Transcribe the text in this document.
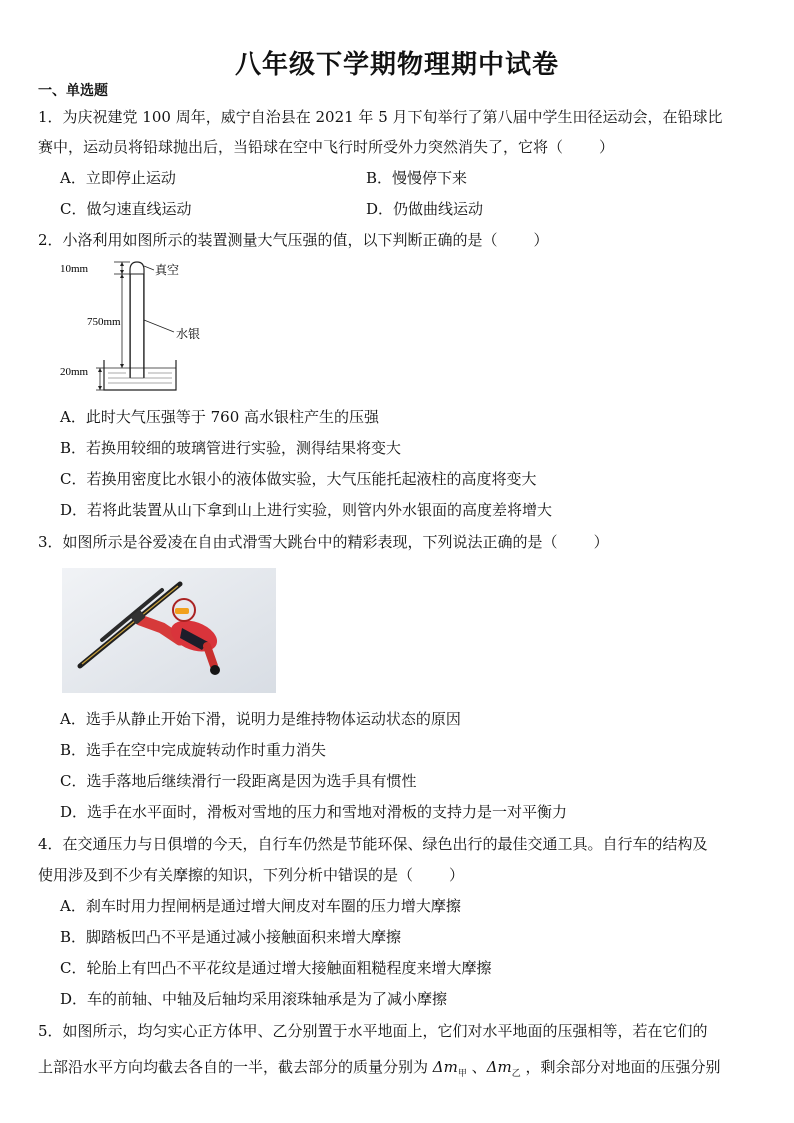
八年级下学期物理期中试卷
一、单选题
1．为庆祝建党 100 周年，威宁自治县在 2021 年 5 月下旬举行了第八届中学生田径运动会，在铅球比
赛中，运动员将铅球抛出后，当铅球在空中飞行时所受外力突然消失了，它将（ ）
A．立即停止运动	B．慢慢停下来
C．做匀速直线运动	D．仍做曲线运动
2．小洛利用如图所示的装置测量大气压强的值，以下判断正确的是（ ）
10mm	真空
750mm
水银
20mm
A．此时大气压强等于 760 高水银柱产生的压强
B．若换用较细的玻璃管进行实验，测得结果将变大
C．若换用密度比水银小的液体做实验，大气压能托起液柱的高度将变大
D．若将此装置从山下拿到山上进行实验，则管内外水银面的高度差将增大
3．如图所示是谷爱凌在自由式滑雪大跳台中的精彩表现，下列说法正确的是（ ）
A．选手从静止开始下滑，说明力是维持物体运动状态的原因
B．选手在空中完成旋转动作时重力消失
C．选手落地后继续滑行一段距离是因为选手具有惯性
D．选手在水平面时，滑板对雪地的压力和雪地对滑板的支持力是一对平衡力
4．在交通压力与日俱增的今天，自行车仍然是节能环保、绿色出行的最佳交通工具。自行车的结构及
使用涉及到不少有关摩擦的知识，下列分析中错误的是（ ）
A．刹车时用力捏闸柄是通过增大闸皮对车圈的压力增大摩擦
B．脚踏板凹凸不平是通过减小接触面积来增大摩擦
C．轮胎上有凹凸不平花纹是通过增大接触面粗糙程度来增大摩擦
D．车的前轴、中轴及后轴均采用滚珠轴承是为了减小摩擦
5．如图所示，均匀实心正方体甲、乙分别置于水平地面上，它们对水平地面的压强相等，若在它们的
上部沿水平方向均截去各自的一半，截去部分的质量分别为 $\Delta m_甲$ 、$\Delta m_乙$ ，剩余部分对地面的压强分别
